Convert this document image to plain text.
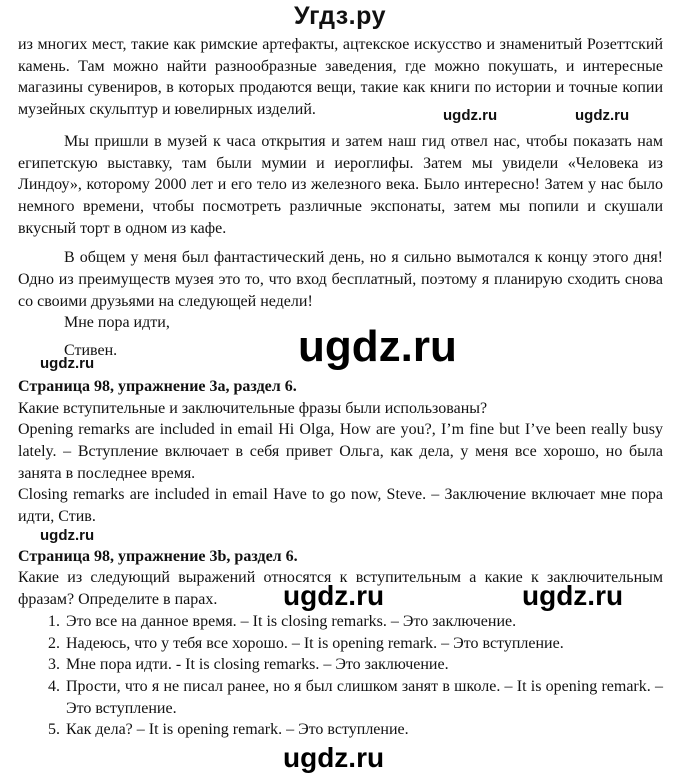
Угдз.ру

из многих мест, такие как римские артефакты, ацтекское искусство и знаменитый Розеттский камень. Там можно найти разнообразные заведения, где можно покушать, и интересные магазины сувениров, в которых продаются вещи, такие как книги по истории и точные копии музейных скульптур и ювелирных изделий.

Мы пришли в музей к часа открытия и затем наш гид отвел нас, чтобы показать нам египетскую выставку, там были мумии и иероглифы. Затем мы увидели «Человека из Линдоу», которому 2000 лет и его тело из железного века. Было интересно! Затем у нас было немного времени, чтобы посмотреть различные экспонаты, затем мы попили и скушали вкусный торт в одном из кафе.

В общем у меня был фантастический день, но я сильно вымотался к концу этого дня! Одно из преимуществ музея это то, что вход бесплатный, поэтому я планирую сходить снова со своими друзьями на следующей недели!

Мне пора идти,

Стивен.

Страница 98, упражнение 3а, раздел 6.

Какие вступительные и заключительные фразы были использованы?

Opening remarks are included in email Hi Olga, How are you?, I’m fine but I’ve been really busy lately. – Вступление включает в себя привет Ольга, как дела, у меня все хорошо, но была занята в последнее время.

Closing remarks are included in email Have to go now, Steve. – Заключение включает мне пора идти, Стив.

Страница 98, упражнение 3b, раздел 6.

Какие из следующий выражений относятся к вступительным а какие к заключительным фразам? Определите в парах.

1. Это все на данное время. – It is closing remarks. – Это заключение.
2. Надеюсь, что у тебя все хорошо. – It is opening remark. – Это вступление.
3. Мне пора идти. - It is closing remarks. – Это заключение.
4. Прости, что я не писал ранее, но я был слишком занят в школе. – It is opening remark. – Это вступление.
5. Как дела? – It is opening remark. – Это вступление.
ugdz.ru	ugdz.ru
ugdz.ru
ugdz.ru
ugdz.ru
ugdz.ru	ugdz.ru
ugdz.ru
